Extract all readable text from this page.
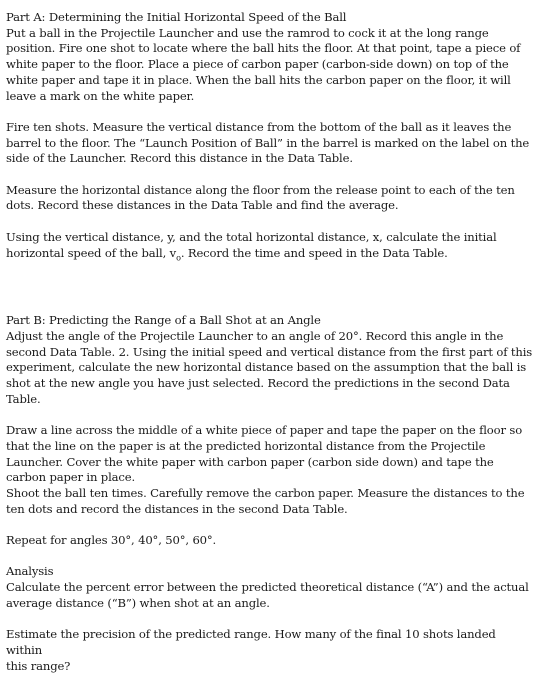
Part A: Determining the Initial Horizontal Speed of the Ball

Put a ball in the Projectile Launcher and use the ramrod to cock it at the long range
position. Fire one shot to locate where the ball hits the floor. At that point, tape a piece of
white paper to the floor. Place a piece of carbon paper (carbon-side down) on top of the
white paper and tape it in place. When the ball hits the carbon paper on the floor, it will
leave a mark on the white paper.

Fire ten shots. Measure the vertical distance from the bottom of the ball as it leaves the
barrel to the floor. The “Launch Position of Ball” in the barrel is marked on the label on the
side of the Launcher. Record this distance in the Data Table.

Measure the horizontal distance along the floor from the release point to each of the ten
dots. Record these distances in the Data Table and find the average.

Using the vertical distance, y, and the total horizontal distance, x, calculate the initial
horizontal speed of the ball, $v_o$. Record the time and speed in the Data Table.

Part B: Predicting the Range of a Ball Shot at an Angle

Adjust the angle of the Projectile Launcher to an angle of 20°. Record this angle in the
second Data Table. 2. Using the initial speed and vertical distance from the first part of this
experiment, calculate the new horizontal distance based on the assumption that the ball is
shot at the new angle you have just selected. Record the predictions in the second Data
Table.

Draw a line across the middle of a white piece of paper and tape the paper on the floor so
that the line on the paper is at the predicted horizontal distance from the Projectile
Launcher. Cover the white paper with carbon paper (carbon side down) and tape the
carbon paper in place.
Shoot the ball ten times. Carefully remove the carbon paper. Measure the distances to the
ten dots and record the distances in the second Data Table.

Repeat for angles 30°, 40°, 50°, 60°.

Analysis

Calculate the percent error between the predicted theoretical distance (“A”) and the actual
average distance (“B”) when shot at an angle.

Estimate the precision of the predicted range. How many of the final 10 shots landed within
this range?
